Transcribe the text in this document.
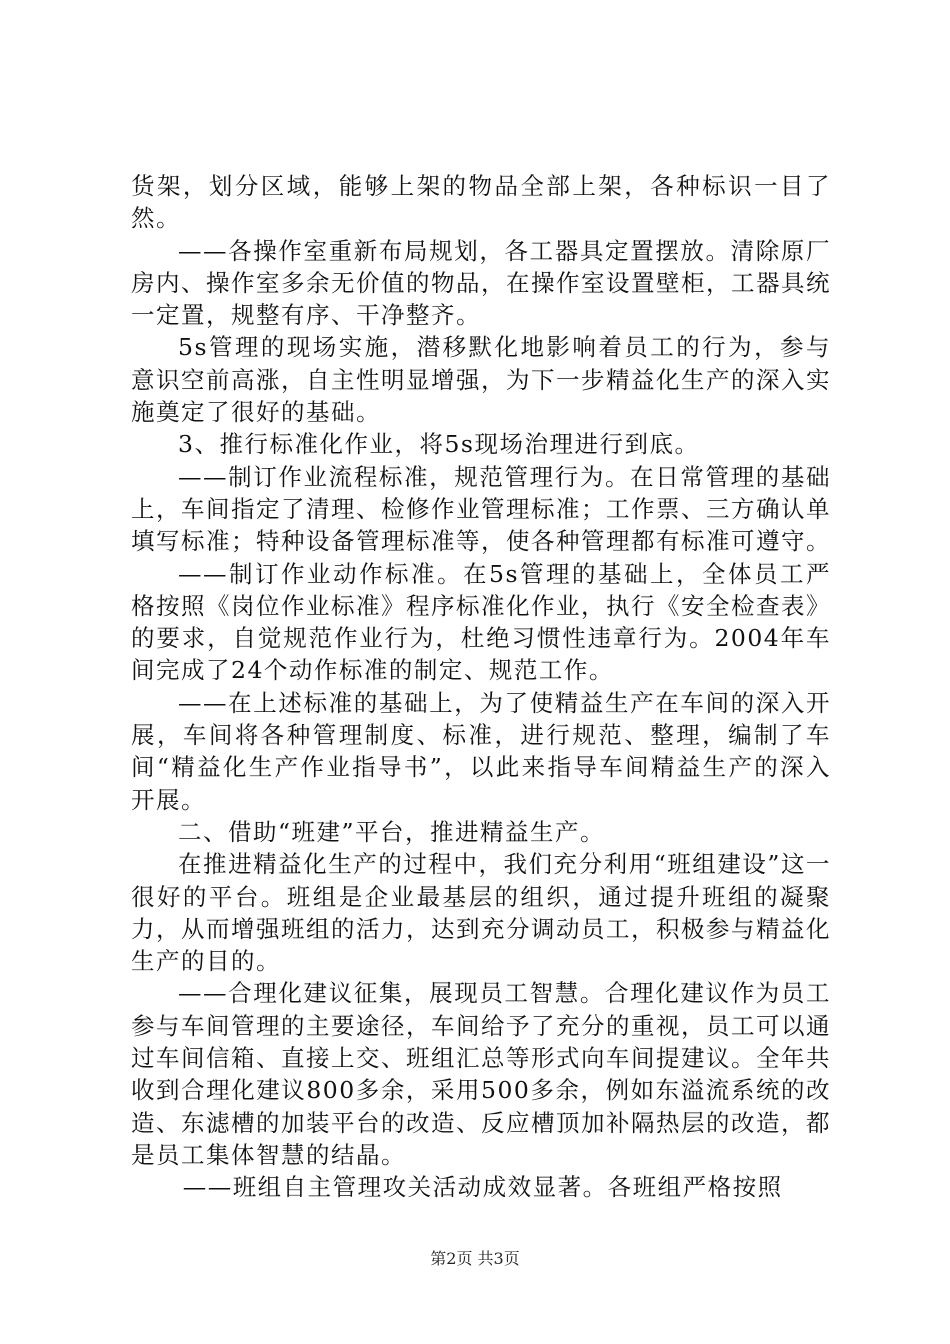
货架，划分区域，能够上架的物品全部上架，各种标识一目了然。

——各操作室重新布局规划，各工器具定置摆放。清除原厂房内、操作室多余无价值的物品，在操作室设置壁柜，工器具统一定置，规整有序、干净整齐。

5s管理的现场实施，潜移默化地影响着员工的行为，参与意识空前高涨，自主性明显增强，为下一步精益化生产的深入实施奠定了很好的基础。

3、推行标准化作业，将5s现场治理进行到底。

——制订作业流程标准，规范管理行为。在日常管理的基础上，车间指定了清理、检修作业管理标准；工作票、三方确认单填写标准；特种设备管理标准等，使各种管理都有标准可遵守。

——制订作业动作标准。在5s管理的基础上，全体员工严格按照《岗位作业标准》程序标准化作业，执行《安全检查表》的要求，自觉规范作业行为，杜绝习惯性违章行为。2004年车间完成了24个动作标准的制定、规范工作。

——在上述标准的基础上，为了使精益生产在车间的深入开展，车间将各种管理制度、标准，进行规范、整理，编制了车间“精益化生产作业指导书”，以此来指导车间精益生产的深入开展。

二、借助“班建”平台，推进精益生产。

在推进精益化生产的过程中，我们充分利用“班组建设”这一很好的平台。班组是企业最基层的组织，通过提升班组的凝聚力，从而增强班组的活力，达到充分调动员工，积极参与精益化生产的目的。

——合理化建议征集，展现员工智慧。合理化建议作为员工参与车间管理的主要途径，车间给予了充分的重视，员工可以通过车间信箱、直接上交、班组汇总等形式向车间提建议。全年共收到合理化建议800多余，采用500多余，例如东溢流系统的改造、东滤槽的加装平台的改造、反应槽顶加补隔热层的改造，都是员工集体智慧的结晶。

——班组自主管理攻关活动成效显著。各班组严格按照

第2页 共3页
